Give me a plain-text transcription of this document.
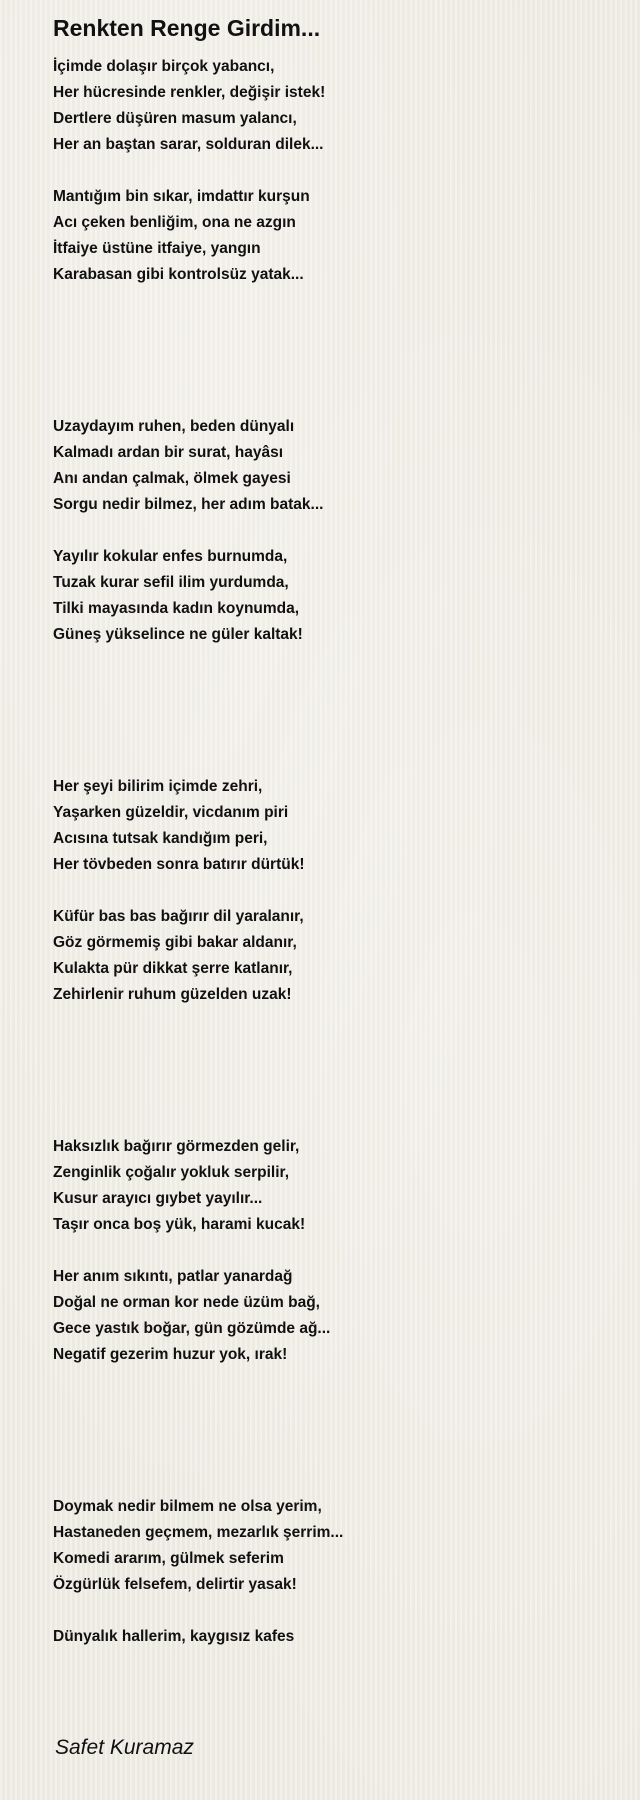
Renkten Renge Girdim...
İçimde dolaşır birçok yabancı,
Her hücresinde renkler, değişir istek!
Dertlere düşüren masum yalancı,
Her an baştan sarar, solduran dilek...
Mantığım bin sıkar, imdattır kurşun
Acı çeken benliğim, ona ne azgın
İtfaiye üstüne itfaiye, yangın
Karabasan gibi kontrolsüz yatak...
Uzaydayım ruhen, beden dünyalı
Kalmadı ardan bir surat, hayâsı
Anı andan çalmak, ölmek gayesi
Sorgu nedir bilmez, her adım batak...
Yayılır kokular enfes burnumda,
Tuzak kurar sefil ilim yurdumda,
Tilki mayasında kadın koynumda,
Güneş yükselince ne güler kaltak!
Her şeyi bilirim içimde zehri,
Yaşarken güzeldir, vicdanım piri
Acısına tutsak kandığım peri,
Her tövbeden sonra batırır dürtük!
Küfür bas bas bağırır dil yaralanır,
Göz görmemiş gibi bakar aldanır,
Kulakta pür dikkat şerre katlanır,
Zehirlenir ruhum güzelden uzak!
Haksızlık bağırır görmezden gelir,
Zenginlik çoğalır yokluk serpilir,
Kusur arayıcı gıybet yayılır...
Taşır onca boş yük, harami kucak!
Her anım sıkıntı, patlar yanardağ
Doğal ne orman kor nede üzüm bağ,
Gece yastık boğar, gün gözümde ağ...
Negatif gezerim huzur yok, ırak!
Doymak nedir bilmem ne olsa yerim,
Hastaneden geçmem, mezarlık şerrim...
Komedi ararım, gülmek seferim
Özgürlük felsefem, delirtir yasak!
Dünyalık hallerim, kaygısız kafes
Safet Kuramaz
